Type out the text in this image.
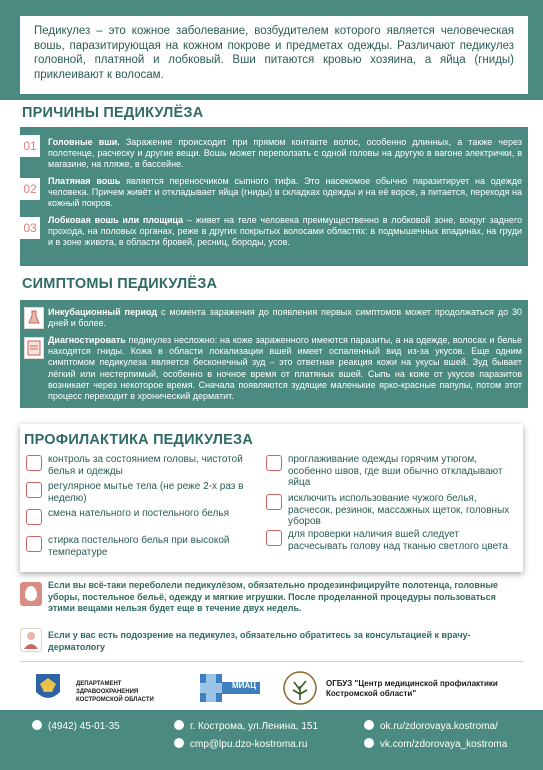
Педикулез – это кожное заболевание, возбудителем которого является человеческая вошь, паразитирующая на кожном покрове и предметах одежды. Различают педикулез головной, платяной и лобковый. Вши питаются кровью хозяина, а яйца (гниды) приклеивают к волосам.
ПРИЧИНЫ ПЕДИКУЛЁЗА
01	Головные вши. Заражение происходит при прямом контакте волос, особенно длинных, а также через полотенце, расческу и другие вещи. Вошь может переползать с одной головы на другую в вагоне электрички, в магазине, на пляже, в бассейне.
02
Платяная вошь является переносчиком сыпного тифа. Это насекомое обычно паразитирует на одежде человека. Причем живёт и откладывает яйца (гниды) в складках одежды и на её ворсе, а питается, переходя на кожный покров.
03
Лобковая вошь или площица – живет на теле человека преимущественно в лобковой зоне, вокруг заднего прохода, на половых органах, реже в других покрытых волосами областях: в подмышечных впадинах, на груди и в зоне живота, в области бровей, ресниц, бороды, усов.
СИМПТОМЫ ПЕДИКУЛЁЗА
Инкубационный период с момента заражения до появления первых симптомов может продолжаться до 30 дней и более.
Диагностировать педикулез несложно: на коже зараженного имеются паразиты, а на одежде, волосах и белье находятся гниды. Кожа в области локализации вшей имеет оспаленный вид из-за укусов. Еще одним симптомом педикулеза является бесконечный зуд – это ответная реакция кожи на укусы вшей. Зуд бывает лёгкий или нестерпимый, особенно в ночное время от платяных вшей. Сыпь на коже от укусов паразитов возникает через некоторое время. Сначала появляются зудящие маленькие ярко-красные папулы, потом этот процесс переходит в хронический дерматит.
ПРОФИЛАКТИКА ПЕДИКУЛЕЗА
контроль за состоянием головы, чистотой белья и одежды
регулярное мытье тела (не реже 2-х раз в неделю)
смена нательного и постельного белья
стирка постельного белья при высокой температуре
проглаживание одежды горячим утюгом, особенно швов, где вши обычно откладывают яйца
исключить использование чужого белья, расчесок, резинок, массажных щеток, головных уборов
для проверки наличия вшей следует расчесывать голову над тканью светлого цвета
Если вы всё-таки переболели педикулёзом, обязательно продезинфицируйте полотенца, головные уборы, постельное бельё, одежду и мягкие игрушки. После проделанной процедуры пользоваться этими вещами нельзя будет еще в течение двух недель.
Если у вас есть подозрение на педикулез, обязательно обратитесь за консультацией к врачу-дерматологу
ДЕПАРТАМЕНТ ЗДРАВООХРАНЕНИЯ КОСТРОМСКОЙ ОБЛАСТИ
МИАЦ	ОГБУЗ "Центр медицинской профилактики Костромской области"
(4942) 45-01-35	г. Кострома, ул.Ленина, 151
cmp@lpu.dzo-kostroma.ru
ok.ru/zdorovaya.kostroma/
vk.com/zdorovaya_kostroma
